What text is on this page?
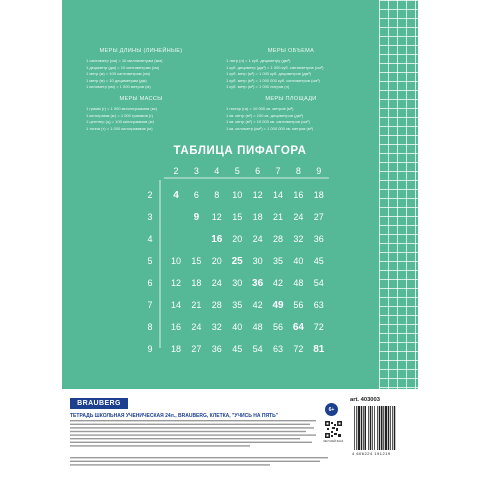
МЕРЫ ДЛИНЫ (ЛИНЕЙНЫЕ)
1 сантиметр (см) = 10 миллиметрам (мм)
1 дециметр (дм) = 10 сантиметрам (см)
1 метр (м) = 100 сантиметрам (см)
1 метр (м) = 10 дециметрам (дм)
1 километр (км) = 1 000 метров (м)
МЕРЫ ОБЪЕМА
1 литр (л) = 1 куб. дециметру (дм³)
1 куб. дециметр (дм³) = 1 000 куб. сантиметров (см³)
1 куб. метр (м³) = 1 000 куб. дециметров (дм³)
1 куб. метр (м³) = 1 000 000 куб. сантиметров (см³)
1 куб. метр (м³) = 1 000 литров (л)
МЕРЫ МАССЫ
1 грамм (г) = 1 000 миллиграммов (мг)
1 килограмм (кг) = 1 000 граммов (г)
1 центнер (ц) = 100 килограммов (кг)
1 тонна (т) = 1 000 килограммов (кг)
МЕРЫ ПЛОЩАДИ
1 гектар (га) = 10 000 кв. метров (м²)
1 кв. метр (м²) = 100 кв. дециметров (дм²)
1 кв. метр (м²) = 10 000 кв. сантиметров (см²)
1 кв. километр (км²) = 1 000 000 кв. метров (м²)
ТАБЛИЦА ПИФАГОРА
2 3 4 5 6 7 8 9
2 4 6 8 10 12 14 16 18
3	9 12 15 18 21 24 27
4	16 20 24 28 32 36
5 10 15 20 25 30 35 40 45
6 12 18 24 30 36 42 48 54
7 14 21 28 35 42 49 56 63
8 16 24 32 40 48 56 64 72
9 18 27 36 45 54 63 72 81
BRAUBERG
ТЕТРАДЬ ШКОЛЬНАЯ УЧЕНИЧЕСКАЯ 24л., BRAUBERG, КЛЕТКА, "УЧИСЬ НА ПЯТЬ"
6+
ЧЕСТНЫЙ ЗНАК
art. 403003
4 606224 191219
